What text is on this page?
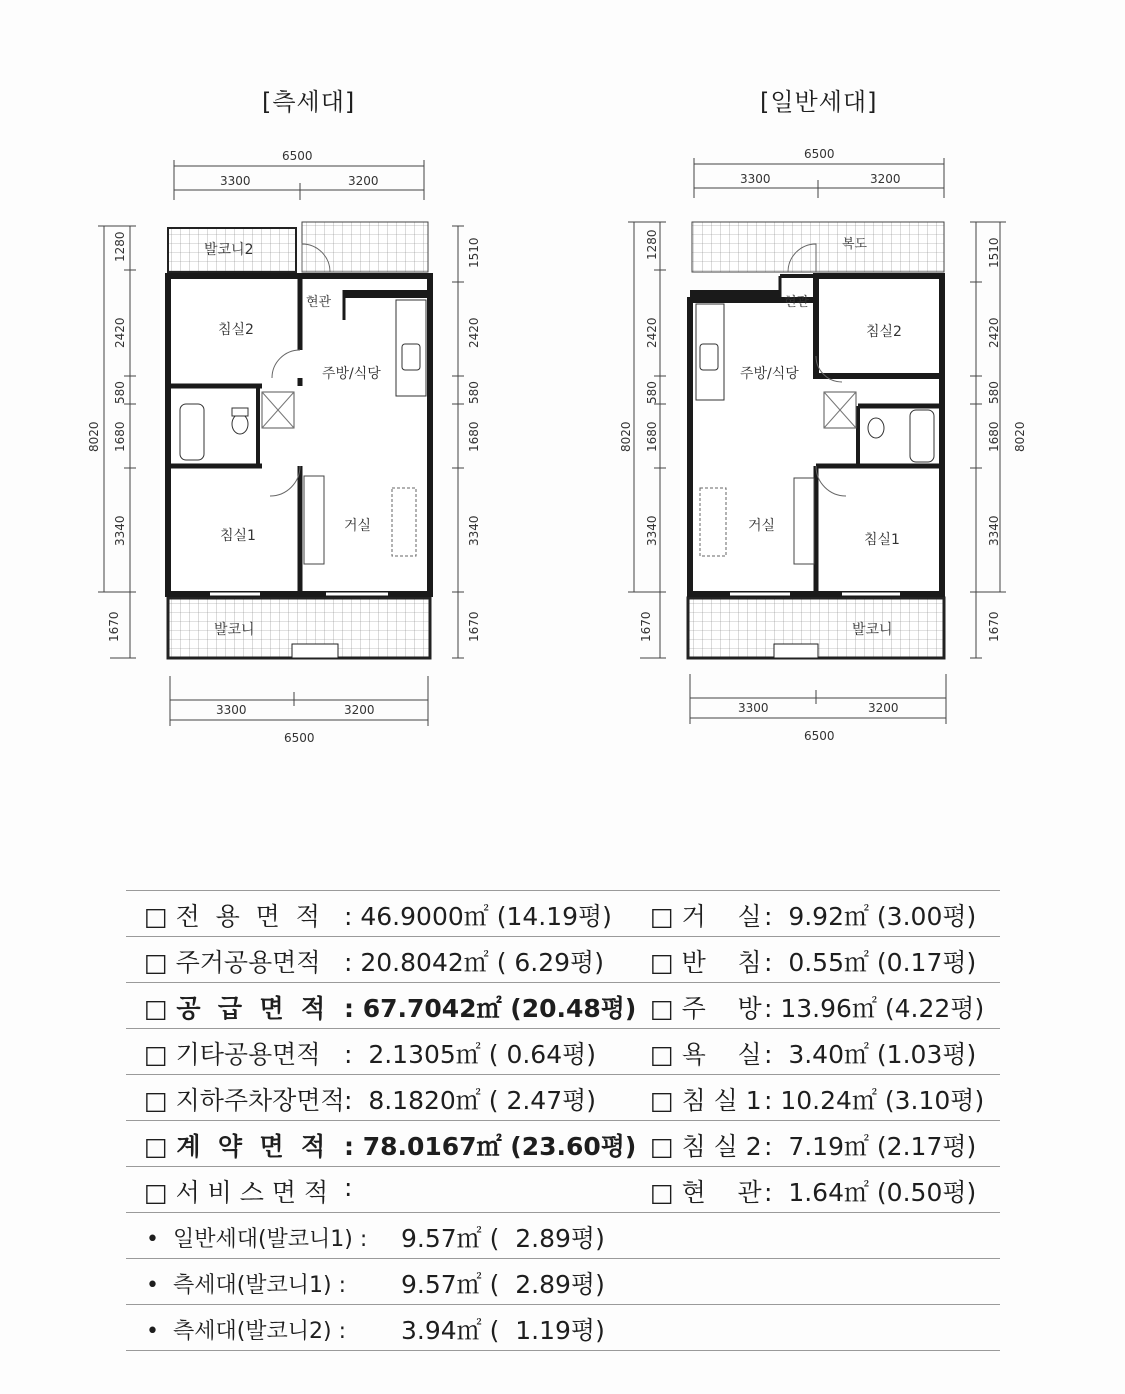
[측세대]	[일반세대]
6500
3300	3200
8020
1280
2420
580
1680
3340
1670
1510
2420
580
1680
3340
1670
3300	3200
6500
발코니2
침실2
현관
주방/식당
침실1
거실
발코니
6500
3300	3200
8020
1280
2420
580
1680
3340
1670
1510
2420
580
1680
3340
1670
8020
3300	3200
6500
복도
현관
침실2
주방/식당
거실
침실1
발코니
□ 전  용  면  적 : 46.9000㎡ (14.19평) □ 거    실 :  9.92㎡ (3.00평)
□ 주거공용면적 : 20.8042㎡ ( 6.29평) □ 반    침 :  0.55㎡ (0.17평)
□ 공  급  면  적 : 67.7042㎡ (20.48평) □ 주    방 : 13.96㎡ (4.22평)
□ 기타공용면적 :  2.1305㎡ ( 0.64평) □ 욕    실 :  3.40㎡ (1.03평)
□ 지하주차장면적 :  8.1820㎡ ( 2.47평) □ 침 실 1 : 10.24㎡ (3.10평)
□ 계  약  면  적 : 78.0167㎡ (23.60평) □ 침 실 2 :  7.19㎡ (2.17평)
□ 서 비 스 면 적 :	□ 현    관 :  1.64㎡ (0.50평)
•  일반세대(발코니1) : 9.57㎡ (  2.89평)
•  측세대(발코니1) : 9.57㎡ (  2.89평)
•  측세대(발코니2) : 3.94㎡ (  1.19평)
